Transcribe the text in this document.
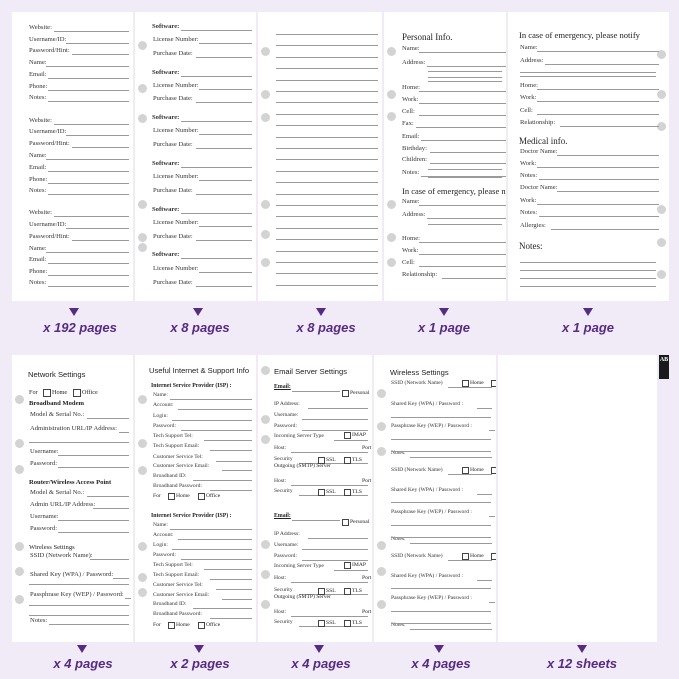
Website:
Username/ID:
Password/Hint:
Name:
Email:
Phone:
Notes:
Website:
Username/ID:
Password/Hint:
Name:
Email:
Phone:
Notes:
Website:
Username/ID:
Password/Hint:
Name:
Email:
Phone:
Notes:
Software:
License Number:
Purchase Date:
Software:
License Number:
Purchase Date:
Software:
License Number:
Purchase Date:
Software:
License Number:
Purchase Date:
Software:
License Number:
Purchase Date:
Software:
License Number:
Purchase Date:
Name:
Address:
Home:
Work:
Cell:
Fax:
Email:
Birthday:
Children:
Notes:
Name:
Address:
Home:
Work:
Cell:
Relationship:
Personal Info.
In case of emergency, please n
Name:
Address:
Home:
Work:
Cell:
Relationship:
Doctor Name:
Work:
Notes:
Doctor Name:
Work:
Notes:
Allergies:
In case of emergency, please notify
Medical info.
Notes:
Model & Serial No.:
Administration URL/IP Address:
Username:
Password:
Model & Serial No.:
Admin URL/IP Address:
Username:
Password:
SSID (Network Name):
Shared Key (WPA) / Password:
Passphrase Key (WEP) / Password:
Notes:
Network Settings
For Home Office
Broadband Modem
Router/Wireless Access Point
Wireless Settings
Name:
Account:
Login:
Password:
Tech Support Tel:
Tech Support Email:
Customer Service Tel:
Customer Service Email:
Broadband ID:
Broadband Password:
Name:
Account:
Login:
Password:
Tech Support Tel:
Tech Support Email:
Customer Service Tel:
Customer Service Email:
Broadband ID:
Broadband Password:
Useful Internet & Support Info
Internet Service Provider (ISP) :
Internet Service Provider (ISP) :
For	Home	Office
For	Home	Office
IP Address:
Username:
Password:
Incoming Server Type
Host:
Security
Host:
Security
IP Address:
Username:
Password:
Incoming Server Type
Host:
Security
Host:
Security
Email Server Settings
Email:
Personal
Email:
Personal
IMAP
IMAP
SSL	TLS
SSL	TLS
SSL	TLS
SSL	TLS
Port
Port
Port
Port
Outgoing (SMTP) Server
Outgoing (SMTP) Server
SSID (Network Name)
Shared Key (WPA) / Password :
Passphrase Key (WEP) / Password :
Notes:
SSID (Network Name)
Shared Key (WPA) / Password :
Passphrase Key (WEP) / Password :
Notes:
SSID (Network Name)
Shared Key (WPA) / Password :
Passphrase Key (WEP) / Password :
Notes:
Wireless Settings
Home
Home
Home
AB
x 192 pages	x 8 pages	x 8 pages	x 1 page	x 1 page
x 4 pages	x 2 pages	x 4 pages	x 4 pages	x 12 sheets
